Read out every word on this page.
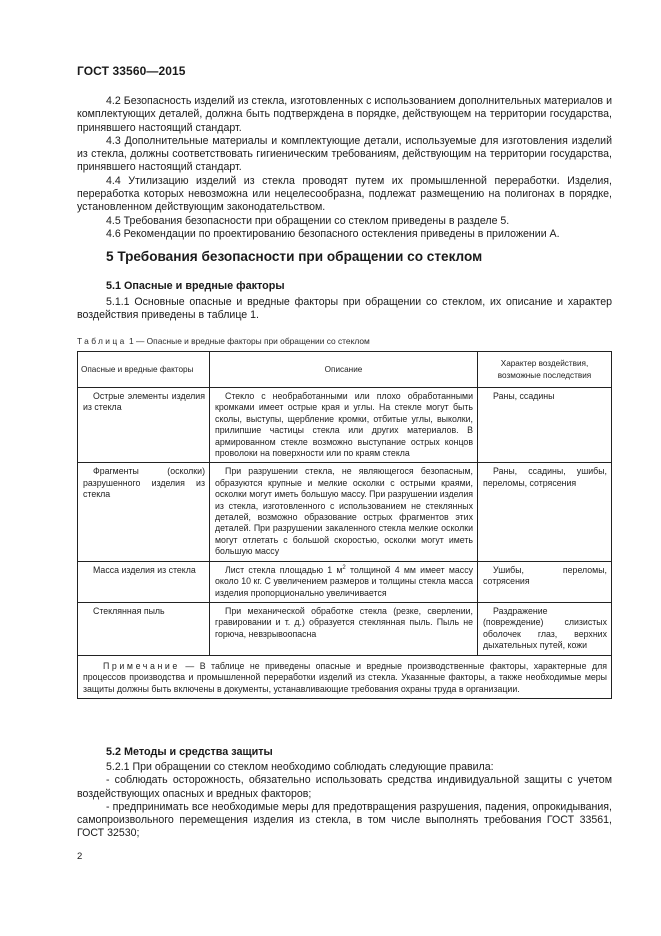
ГОСТ 33560—2015

4.2 Безопасность изделий из стекла, изготовленных с использованием дополнительных материалов и комплектующих деталей, должна быть подтверждена в порядке, действующем на территории государства, принявшего настоящий стандарт.

4.3 Дополнительные материалы и комплектующие детали, используемые для изготовления изделий из стекла, должны соответствовать гигиеническим требованиям, действующим на территории государства, принявшего настоящий стандарт.

4.4 Утилизацию изделий из стекла проводят путем их промышленной переработки. Изделия, переработка которых невозможна или нецелесообразна, подлежат размещению на полигонах в порядке, установленном действующим законодательством.

4.5 Требования безопасности при обращении со стеклом приведены в разделе 5.

4.6 Рекомендации по проектированию безопасного остекления приведены в приложении А.

5 Требования безопасности при обращении со стеклом
5.1 Опасные и вредные факторы

5.1.1 Основные опасные и вредные факторы при обращении со стеклом, их описание и характер воздействия приведены в таблице 1.

Таблица 1 — Опасные и вредные факторы при обращении со стеклом
Опасные и вредные факторы	Описание	Характер воздействия, возможные последствия

Острые элементы изделия из стекла	Стекло с необработанными или плохо обработанными кромками имеет острые края и углы. На стекле могут быть сколы, выступы, щербление кромки, отбитые углы, выколки, прилипшие частицы стекла или других материалов. В армированном стекле возможно выступание острых концов проволоки на поверхности или по краям стекла	Раны, ссадины

Фрагменты (осколки) разрушенного изделия из стекла	При разрушении стекла, не являющегося безопасным, образуются крупные и мелкие осколки с острыми краями, осколки могут иметь большую массу. При разрушении изделия из стекла, изготовленного с использованием не стеклянных деталей, возможно образование острых фрагментов этих деталей. При разрушении закаленного стекла мелкие осколки могут отлетать с большой скоростью, осколки могут иметь большую массу	Раны, ссадины, ушибы, переломы, сотрясения

Масса изделия из стекла	Лист стекла площадью 1 $м^2$ толщиной 4 мм имеет массу около 10 кг. С увеличением размеров и толщины стекла масса изделия пропорционально увеличивается	Ушибы, переломы, сотрясения

Стеклянная пыль	При механической обработке стекла (резке, сверлении, гравировании и т. д.) образуется стеклянная пыль. Пыль не горюча, невзрывоопасна	Раздражение (повреждение) слизистых оболочек глаз, верхних дыхательных путей, кожи

Примечание — В таблице не приведены опасные и вредные производственные факторы, характерные для процессов производства и промышленной переработки изделий из стекла. Указанные факторы, а также необходимые меры защиты должны быть включены в документы, устанавливающие требования охраны труда в организации.		

5.2 Методы и средства защиты

5.2.1 При обращении со стеклом необходимо соблюдать следующие правила:

- соблюдать осторожность, обязательно использовать средства индивидуальной защиты с учетом воздействующих опасных и вредных факторов;

- предпринимать все необходимые меры для предотвращения разрушения, падения, опрокидывания, самопроизвольного перемещения изделия из стекла, в том числе выполнять требования ГОСТ 33561, ГОСТ 32530;

2
